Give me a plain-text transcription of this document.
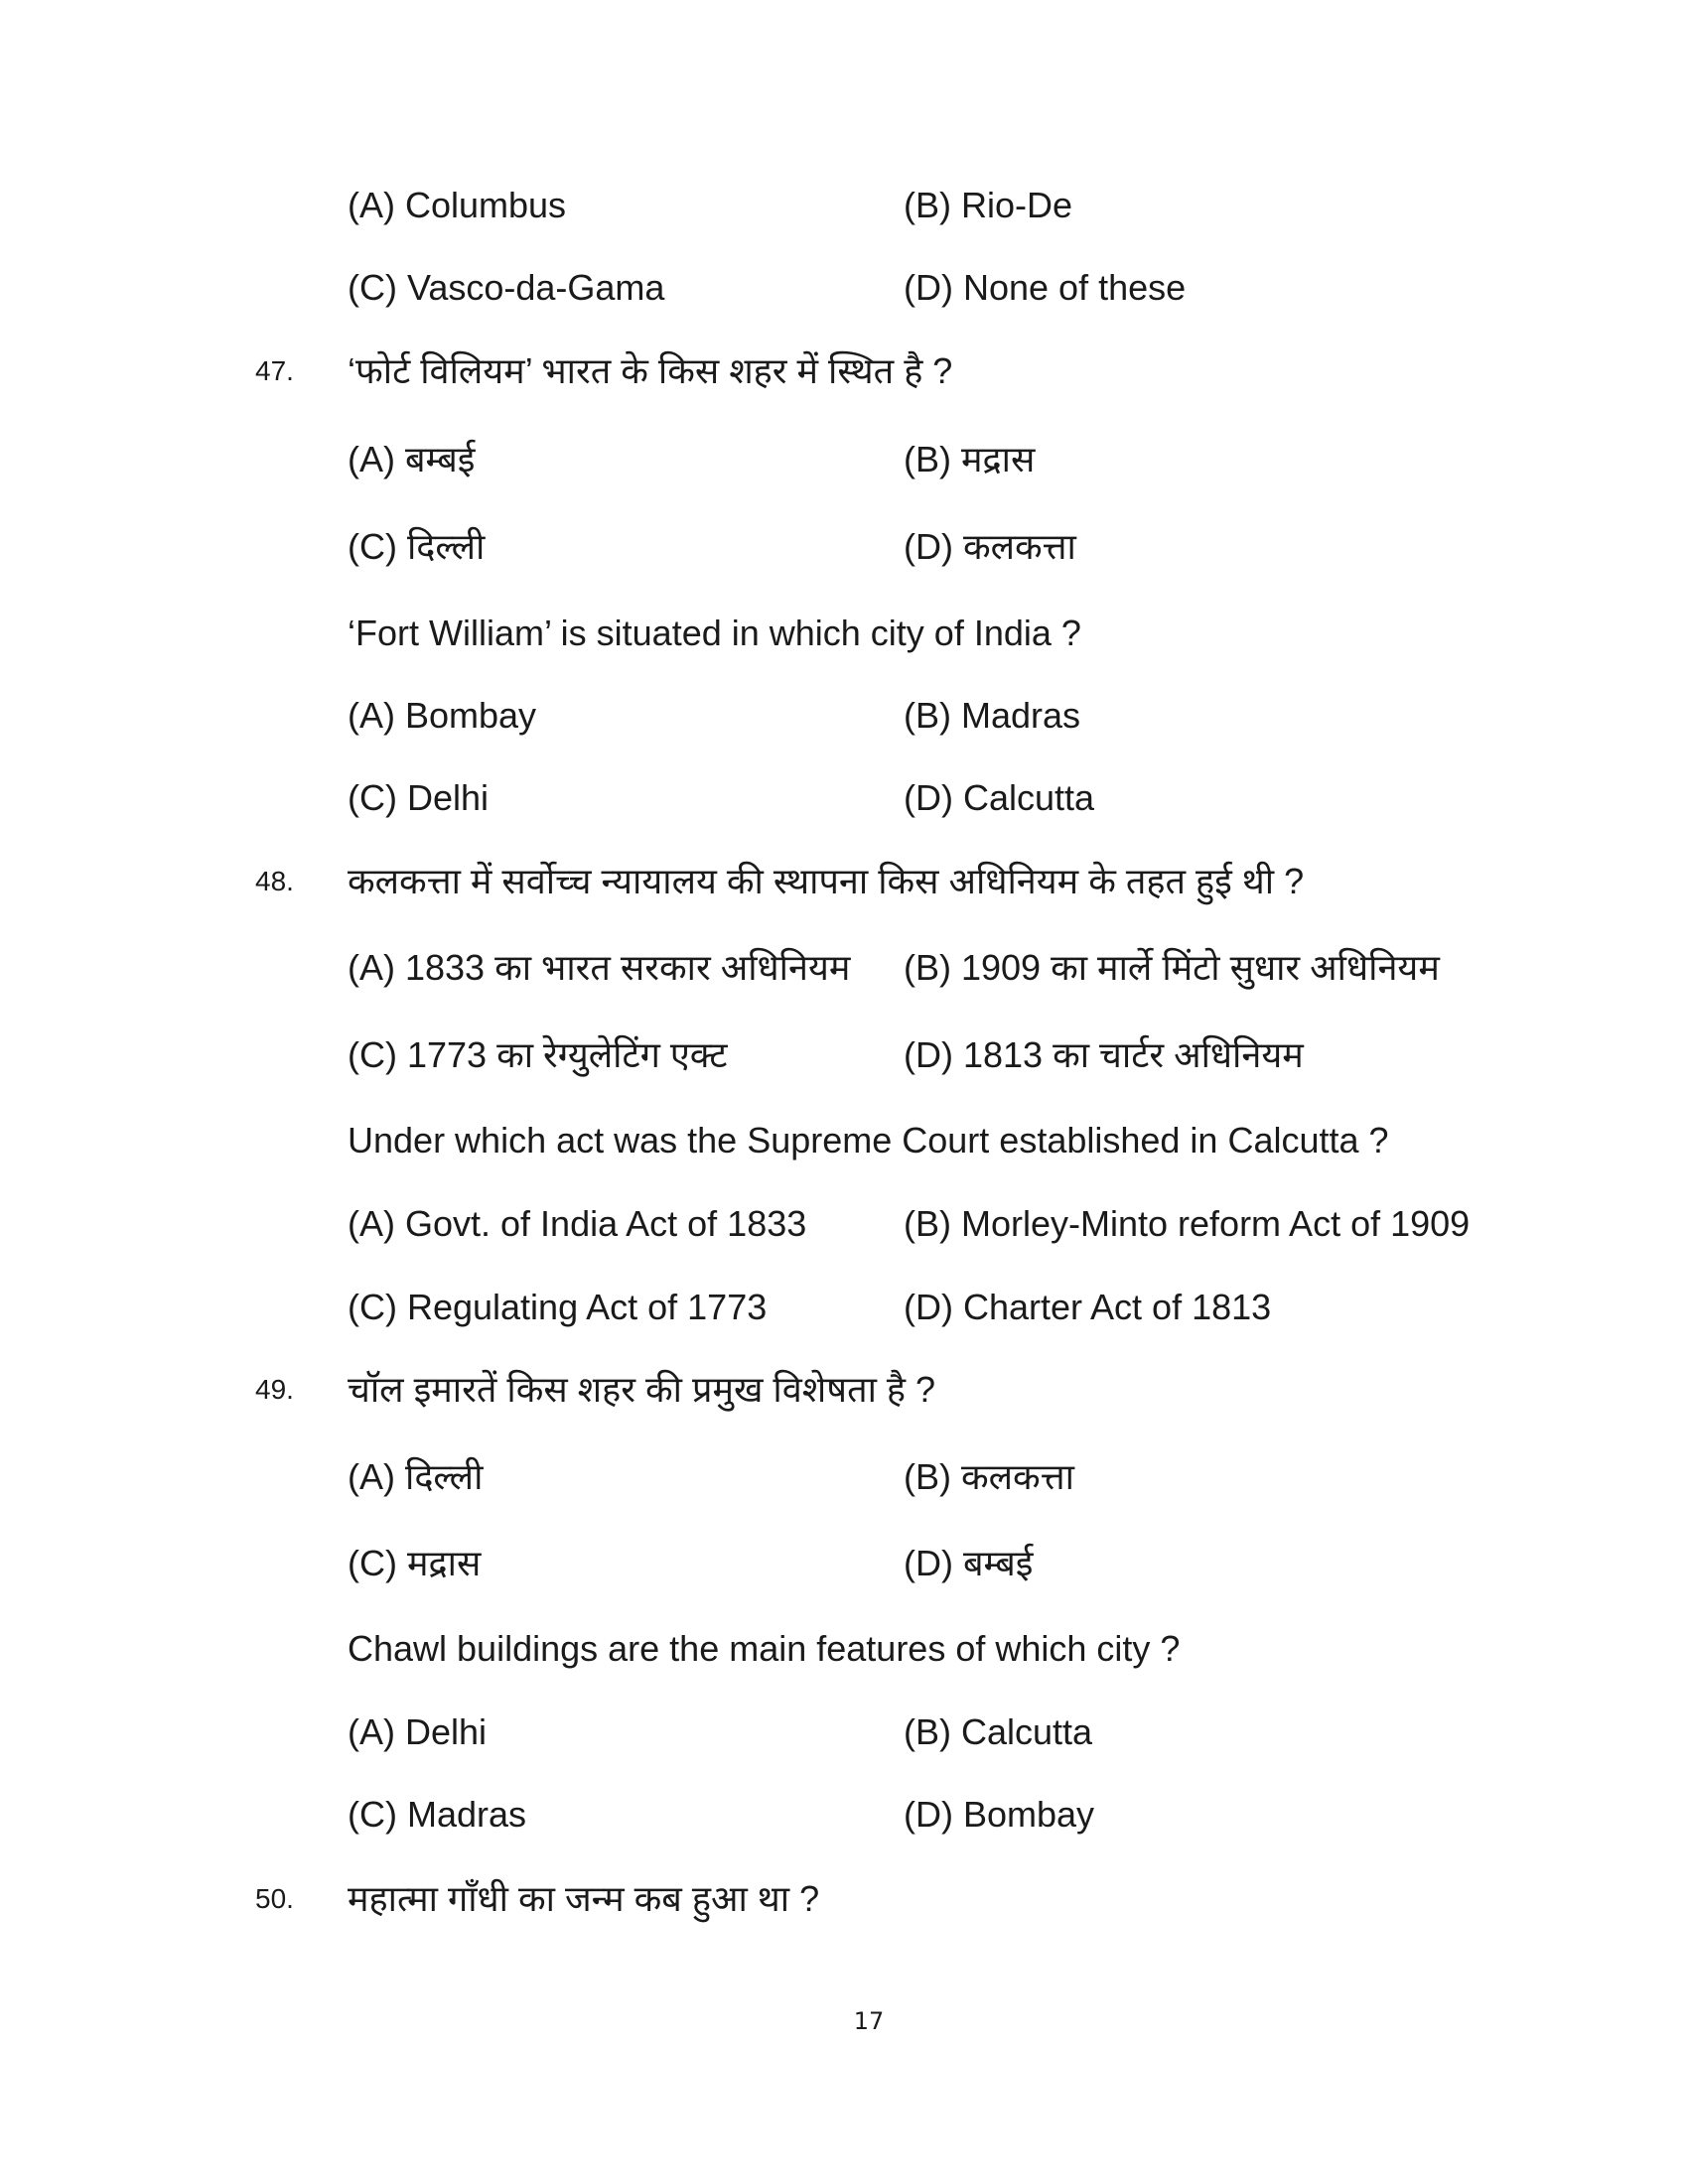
(A) Columbus	(B) Rio-De
(C) Vasco-da-Gama	(D) None of these
47. ‘फोर्ट विलियम’ भारत के किस शहर में स्थित है ?
(A) बम्बई	(B) मद्रास
(C) दिल्ली	(D) कलकत्ता
‘Fort William’ is situated in which city of India ?
(A) Bombay	(B) Madras
(C) Delhi	(D) Calcutta
48. कलकत्ता में सर्वोच्च न्यायालय की स्थापना किस अधिनियम के तहत हुई थी ?
(A) 1833 का भारत सरकार अधिनियम (B) 1909 का मार्ले मिंटो सुधार अधिनियम
(C) 1773 का रेग्युलेटिंग एक्ट	(D) 1813 का चार्टर अधिनियम
Under which act was the Supreme Court established in Calcutta ?
(A) Govt. of India Act of 1833	(B) Morley-Minto reform Act of 1909
(C) Regulating Act of 1773	(D) Charter Act of 1813
49. चॉल इमारतें किस शहर की प्रमुख विशेषता है ?
(A) दिल्ली	(B) कलकत्ता
(C) मद्रास	(D) बम्बई
Chawl buildings are the main features of which city ?
(A) Delhi	(B) Calcutta
(C) Madras	(D) Bombay
50. महात्मा गाँधी का जन्म कब हुआ था ?
17
